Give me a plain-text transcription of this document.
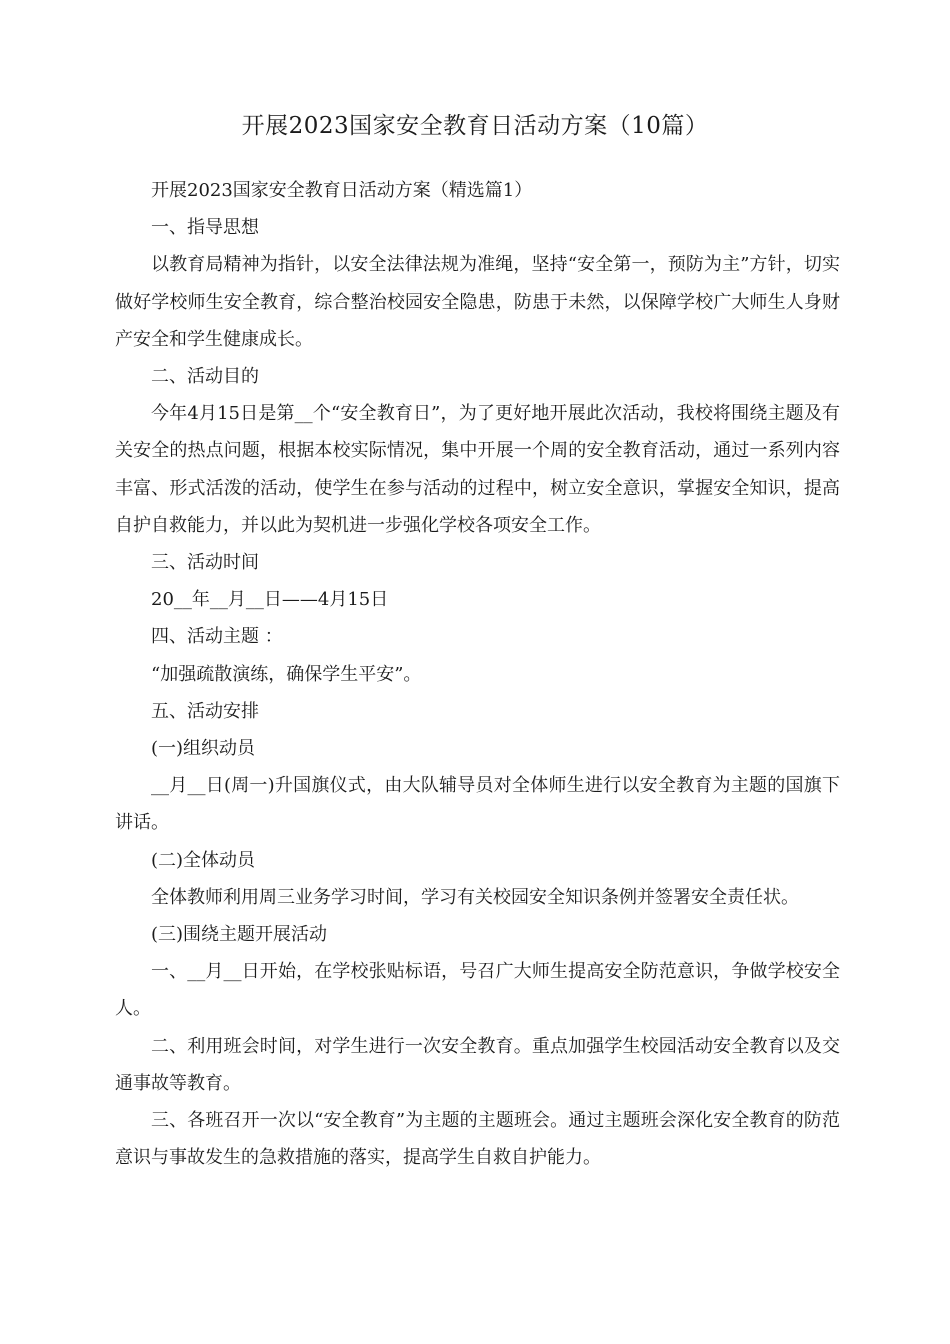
开展2023国家安全教育日活动方案（10篇）

开展2023国家安全教育日活动方案（精选篇1）

一、指导思想

以教育局精神为指针，以安全法律法规为准绳，坚持“安全第一，预防为主”方针，切实做好学校师生安全教育，综合整治校园安全隐患，防患于未然，以保障学校广大师生人身财产安全和学生健康成长。

二、活动目的

今年4月15日是第__个“安全教育日”，为了更好地开展此次活动，我校将围绕主题及有关安全的热点问题，根据本校实际情况，集中开展一个周的安全教育活动，通过一系列内容丰富、形式活泼的活动，使学生在参与活动的过程中，树立安全意识，掌握安全知识，提高自护自救能力，并以此为契机进一步强化学校各项安全工作。

三、活动时间

20__年__月__日——4月15日

四、活动主题 ：

“加强疏散演练，确保学生平安”。

五、活动安排

(一)组织动员

__月__日(周一)升国旗仪式，由大队辅导员对全体师生进行以安全教育为主题的国旗下讲话。

(二)全体动员

全体教师利用周三业务学习时间，学习有关校园安全知识条例并签署安全责任状。

(三)围绕主题开展活动

一、__月__日开始，在学校张贴标语，号召广大师生提高安全防范意识，争做学校安全人。

二、利用班会时间，对学生进行一次安全教育。重点加强学生校园活动安全教育以及交通事故等教育。

三、各班召开一次以“安全教育”为主题的主题班会。通过主题班会深化安全教育的防范意识与事故发生的急救措施的落实，提高学生自救自护能力。
